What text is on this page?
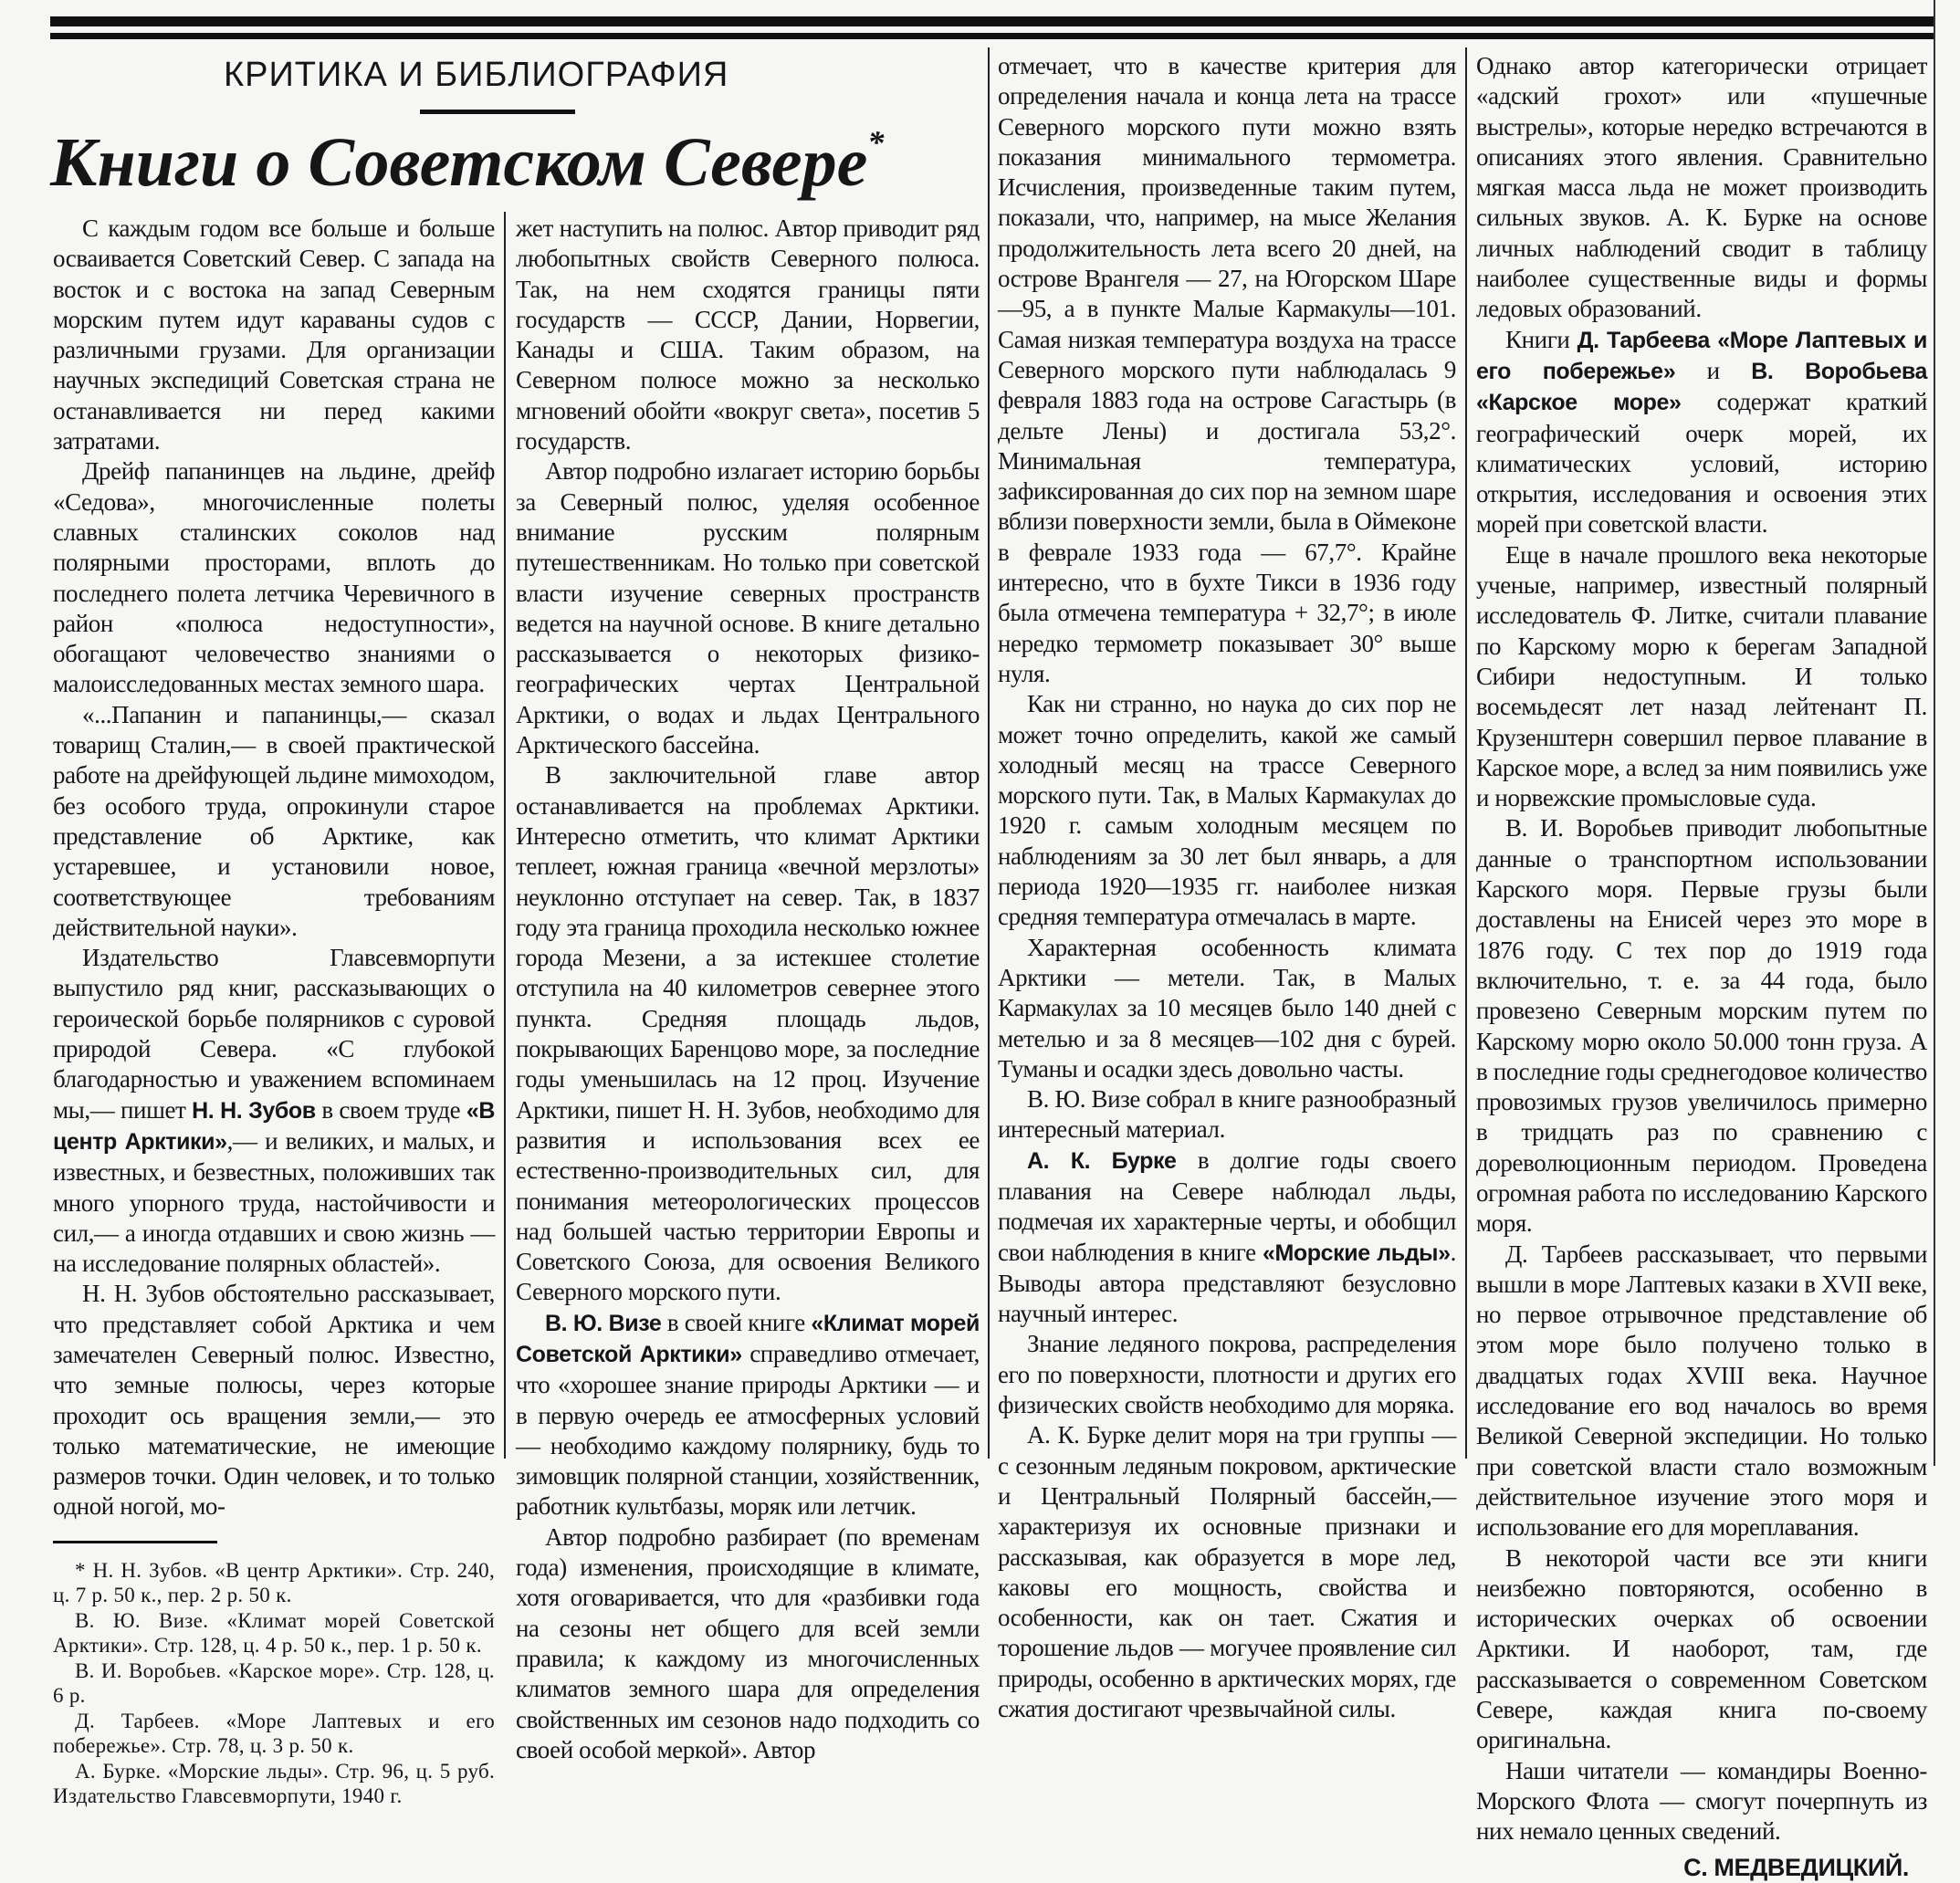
КРИТИКА И БИБЛИОГРАФИЯ
Книги о Советском Севере*

С каждым годом все больше и больше осваивается Советский Север. С запада на восток и с востока на запад Северным морским путем идут караваны судов с различными грузами. Для организации научных экспедиций Советская страна не останавливается ни перед какими затратами.

Дрейф папанинцев на льдине, дрейф «Седова», многочисленные полеты славных сталинских соколов над полярными просторами, вплоть до последнего полета летчика Черевичного в район «полюса недоступности», обогащают человечество знаниями о малоисследованных местах земного шара.

«...Папанин и папанинцы,— сказал товарищ Сталин,— в своей практической работе на дрейфующей льдине мимоходом, без особого труда, опрокинули старое представление об Арктике, как устаревшее, и установили новое, соответствующее требованиям действительной науки».

Издательство Главсевморпути выпустило ряд книг, рассказывающих о героической борьбе полярников с суровой природой Севера. «С глубокой благодарностью и уважением вспоминаем мы,— пишет Н. Н. Зубов в своем труде «В центр Арктики»,— и великих, и малых, и известных, и безвестных, положивших так много упорного труда, настойчивости и сил,— а иногда отдавших и свою жизнь — на исследование полярных областей».

Н. Н. Зубов обстоятельно рассказывает, что представляет собой Арктика и чем замечателен Северный полюс. Известно, что земные полюсы, через которые проходит ось вращения земли,— это только математические, не имеющие размеров точки. Один человек, и то только одной ногой, мо-

* Н. Н. Зубов. «В центр Арктики». Стр. 240, ц. 7 р. 50 к., пер. 2 р. 50 к.

В. Ю. Визе. «Климат морей Советской Арктики». Стр. 128, ц. 4 р. 50 к., пер. 1 р. 50 к.

В. И. Воробьев. «Карское море». Стр. 128, ц. 6 р.

Д. Тарбеев. «Море Лаптевых и его побережье». Стр. 78, ц. 3 р. 50 к.

А. Бурке. «Морские льды». Стр. 96, ц. 5 руб. Издательство Главсевморпути, 1940 г.

жет наступить на полюс. Автор приводит ряд любопытных свойств Северного полюса. Так, на нем сходятся границы пяти государств — СССР, Дании, Норвегии, Канады и США. Таким образом, на Северном полюсе можно за несколько мгновений обойти «вокруг света», посетив 5 государств.

Автор подробно излагает историю борьбы за Северный полюс, уделяя особенное внимание русским полярным путешественникам. Но только при советской власти изучение северных пространств ведется на научной основе. В книге детально рассказывается о некоторых физико-географических чертах Центральной Арктики, о водах и льдах Центрального Арктического бассейна.

В заключительной главе автор останавливается на проблемах Арктики. Интересно отметить, что климат Арктики теплеет, южная граница «вечной мерзлоты» неуклонно отступает на север. Так, в 1837 году эта граница проходила несколько южнее города Мезени, а за истекшее столетие отступила на 40 километров севернее этого пункта. Средняя площадь льдов, покрывающих Баренцово море, за последние годы уменьшилась на 12 проц. Изучение Арктики, пишет Н. Н. Зубов, необходимо для развития и использования всех ее естественно-производительных сил, для понимания метеорологических процессов над большей частью территории Европы и Советского Союза, для освоения Великого Северного морского пути.

В. Ю. Визе в своей книге «Климат морей Советской Арктики» справедливо отмечает, что «хорошее знание природы Арктики — и в первую очередь ее атмосферных условий — необходимо каждому полярнику, будь то зимовщик полярной станции, хозяйственник, работник культбазы, моряк или летчик.

Автор подробно разбирает (по временам года) изменения, происходящие в климате, хотя оговаривается, что для «разбивки года на сезоны нет общего для всей земли правила; к каждому из многочисленных климатов земного шара для определения свойственных им сезонов надо подходить со своей особой меркой». Автор

отмечает, что в качестве критерия для определения начала и конца лета на трассе Северного морского пути можно взять показания минимального термометра. Исчисления, произведенные таким путем, показали, что, например, на мысе Желания продолжительность лета всего 20 дней, на острове Врангеля — 27, на Югорском Шаре—95, а в пункте Малые Кармакулы—101. Самая низкая температура воздуха на трассе Северного морского пути наблюдалась 9 февраля 1883 года на острове Сагастырь (в дельте Лены) и достигала 53,2°. Минимальная температура, зафиксированная до сих пор на земном шаре вблизи поверхности земли, была в Оймеконе в феврале 1933 года — 67,7°. Крайне интересно, что в бухте Тикси в 1936 году была отмечена температура + 32,7°; в июле нередко термометр показывает 30° выше нуля.

Как ни странно, но наука до сих пор не может точно определить, какой же самый холодный месяц на трассе Северного морского пути. Так, в Малых Кармакулах до 1920 г. самым холодным месяцем по наблюдениям за 30 лет был январь, а для периода 1920—1935 гг. наиболее низкая средняя температура отмечалась в марте.

Характерная особенность климата Арктики — метели. Так, в Малых Кармакулах за 10 месяцев было 140 дней с метелью и за 8 месяцев—102 дня с бурей. Туманы и осадки здесь довольно часты.

В. Ю. Визе собрал в книге разнообразный интересный материал.

А. К. Бурке в долгие годы своего плавания на Севере наблюдал льды, подмечая их характерные черты, и обобщил свои наблюдения в книге «Морские льды». Выводы автора представляют безусловно научный интерес.

Знание ледяного покрова, распределения его по поверхности, плотности и других его физических свойств необходимо для моряка.

А. К. Бурке делит моря на три группы — с сезонным ледяным покровом, арктические и Центральный Полярный бассейн,— характеризуя их основные признаки и рассказывая, как образуется в море лед, каковы его мощность, свойства и особенности, как он тает. Сжатия и торошение льдов — могучее проявление сил природы, особенно в арктических морях, где сжатия достигают чрезвычайной силы.

Однако автор категорически отрицает «адский грохот» или «пушечные выстрелы», которые нередко встречаются в описаниях этого явления. Сравнительно мягкая масса льда не может производить сильных звуков. А. К. Бурке на основе личных наблюдений сводит в таблицу наиболее существенные виды и формы ледовых образований.

Книги Д. Тарбеева «Море Лаптевых и его побережье» и В. Воробьева «Карское море» содержат краткий географический очерк морей, их климатических условий, историю открытия, исследования и освоения этих морей при советской власти.

Еще в начале прошлого века некоторые ученые, например, известный полярный исследователь Ф. Литке, считали плавание по Карскому морю к берегам Западной Сибири недоступным. И только восемьдесят лет назад лейтенант П. Крузенштерн совершил первое плавание в Карское море, а вслед за ним появились уже и норвежские промысловые суда.

В. И. Воробьев приводит любопытные данные о транспортном использовании Карского моря. Первые грузы были доставлены на Енисей через это море в 1876 году. С тех пор до 1919 года включительно, т. е. за 44 года, было провезено Северным морским путем по Карскому морю около 50.000 тонн груза. А в последние годы среднегодовое количество провозимых грузов увеличилось примерно в тридцать раз по сравнению с дореволюционным периодом. Проведена огромная работа по исследованию Карского моря.

Д. Тарбеев рассказывает, что первыми вышли в море Лаптевых казаки в XVII веке, но первое отрывочное представление об этом море было получено только в двадцатых годах XVIII века. Научное исследование его вод началось во время Великой Северной экспедиции. Но только при советской власти стало возможным действительное изучение этого моря и использование его для мореплавания.

В некоторой части все эти книги неизбежно повторяются, особенно в исторических очерках об освоении Арктики. И наоборот, там, где рассказывается о современном Советском Севере, каждая книга по-своему оригинальна.

Наши читатели — командиры Военно-Морского Флота — смогут почерпнуть из них немало ценных сведений.

С. МЕДВЕДИЦКИЙ.
